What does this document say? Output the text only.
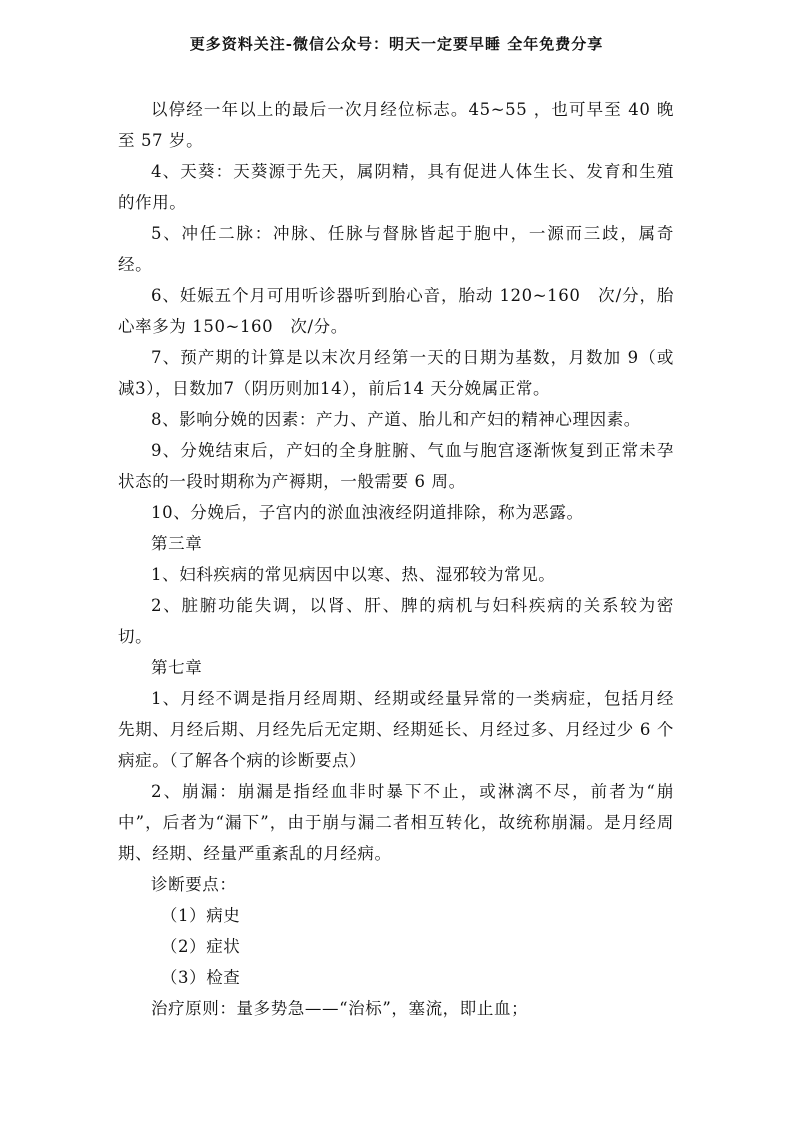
更多资料关注-微信公众号：明天一定要早睡 全年免费分享

以停经一年以上的最后一次月经位标志。45~55 ，也可早至 40 晚至 57 岁。

4、天葵：天葵源于先天，属阴精，具有促进人体生长、发育和生殖的作用。

5、冲任二脉：冲脉、任脉与督脉皆起于胞中，一源而三歧，属奇经。

6、妊娠五个月可用听诊器听到胎心音，胎动 120~160　次/分，胎心率多为 150~160　次/分。

7、预产期的计算是以末次月经第一天的日期为基数，月数加 9（或减3），日数加7（阴历则加14），前后14 天分娩属正常。

8、影响分娩的因素：产力、产道、胎儿和产妇的精神心理因素。

9、分娩结束后，产妇的全身脏腑、气血与胞宫逐渐恢复到正常未孕状态的一段时期称为产褥期，一般需要 6 周。

10、分娩后，子宫内的淤血浊液经阴道排除，称为恶露。

第三章

1、妇科疾病的常见病因中以寒、热、湿邪较为常见。

2、脏腑功能失调，以肾、肝、脾的病机与妇科疾病的关系较为密切。

第七章

1、月经不调是指月经周期、经期或经量异常的一类病症，包括月经先期、月经后期、月经先后无定期、经期延长、月经过多、月经过少 6 个病症。（了解各个病的诊断要点）

2、崩漏：崩漏是指经血非时暴下不止，或淋漓不尽，前者为“崩中”，后者为“漏下”，由于崩与漏二者相互转化，故统称崩漏。是月经周期、经期、经量严重紊乱的月经病。

诊断要点：

（1）病史

（2）症状

（3）检查

治疗原则：量多势急——“治标”，塞流，即止血；
